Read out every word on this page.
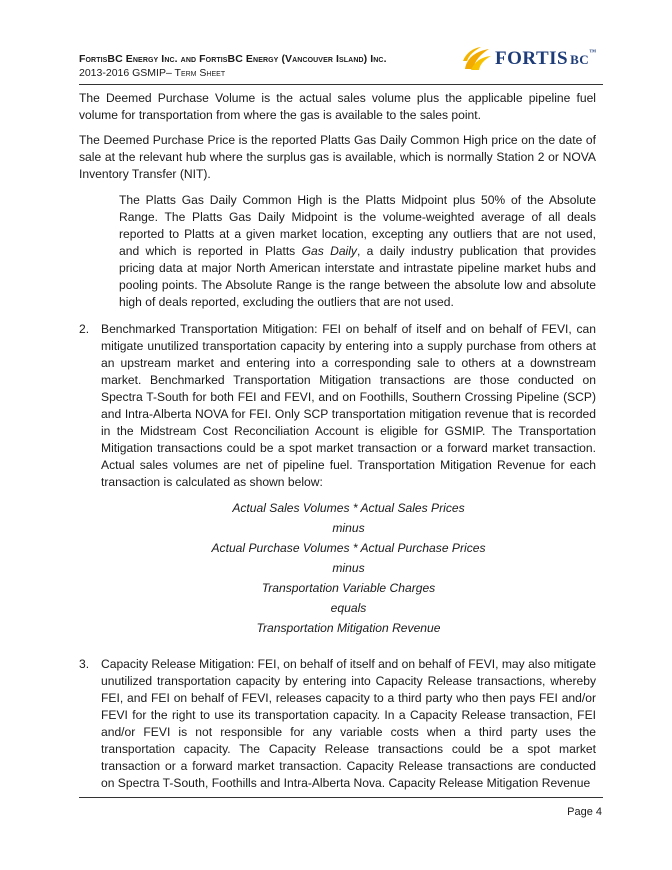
FortisBC Energy Inc. and FortisBC Energy (Vancouver Island) Inc.
2013-2016 GSMIP– Term Sheet
FORTIS BC™

The Deemed Purchase Volume is the actual sales volume plus the applicable pipeline fuel volume for transportation from where the gas is available to the sales point.

The Deemed Purchase Price is the reported Platts Gas Daily Common High price on the date of sale at the relevant hub where the surplus gas is available, which is normally Station 2 or NOVA Inventory Transfer (NIT).

The Platts Gas Daily Common High is the Platts Midpoint plus 50% of the Absolute Range. The Platts Gas Daily Midpoint is the volume-weighted average of all deals reported to Platts at a given market location, excepting any outliers that are not used, and which is reported in Platts Gas Daily, a daily industry publication that provides pricing data at major North American interstate and intrastate pipeline market hubs and pooling points. The Absolute Range is the range between the absolute low and absolute high of deals reported, excluding the outliers that are not used.

2. Benchmarked Transportation Mitigation: FEI on behalf of itself and on behalf of FEVI, can mitigate unutilized transportation capacity by entering into a supply purchase from others at an upstream market and entering into a corresponding sale to others at a downstream market. Benchmarked Transportation Mitigation transactions are those conducted on Spectra T-South for both FEI and FEVI, and on Foothills, Southern Crossing Pipeline (SCP) and Intra-Alberta NOVA for FEI. Only SCP transportation mitigation revenue that is recorded in the Midstream Cost Reconciliation Account is eligible for GSMIP. The Transportation Mitigation transactions could be a spot market transaction or a forward market transaction. Actual sales volumes are net of pipeline fuel. Transportation Mitigation Revenue for each transaction is calculated as shown below:

Actual Sales Volumes * Actual Sales Prices
minus
Actual Purchase Volumes * Actual Purchase Prices
minus
Transportation Variable Charges
equals
Transportation Mitigation Revenue
3. Capacity Release Mitigation: FEI, on behalf of itself and on behalf of FEVI, may also mitigate unutilized transportation capacity by entering into Capacity Release transactions, whereby FEI, and FEI on behalf of FEVI, releases capacity to a third party who then pays FEI and/or FEVI for the right to use its transportation capacity. In a Capacity Release transaction, FEI and/or FEVI is not responsible for any variable costs when a third party uses the transportation capacity. The Capacity Release transactions could be a spot market transaction or a forward market transaction. Capacity Release transactions are conducted on Spectra T-South, Foothills and Intra-Alberta Nova. Capacity Release Mitigation Revenue

Page 4
